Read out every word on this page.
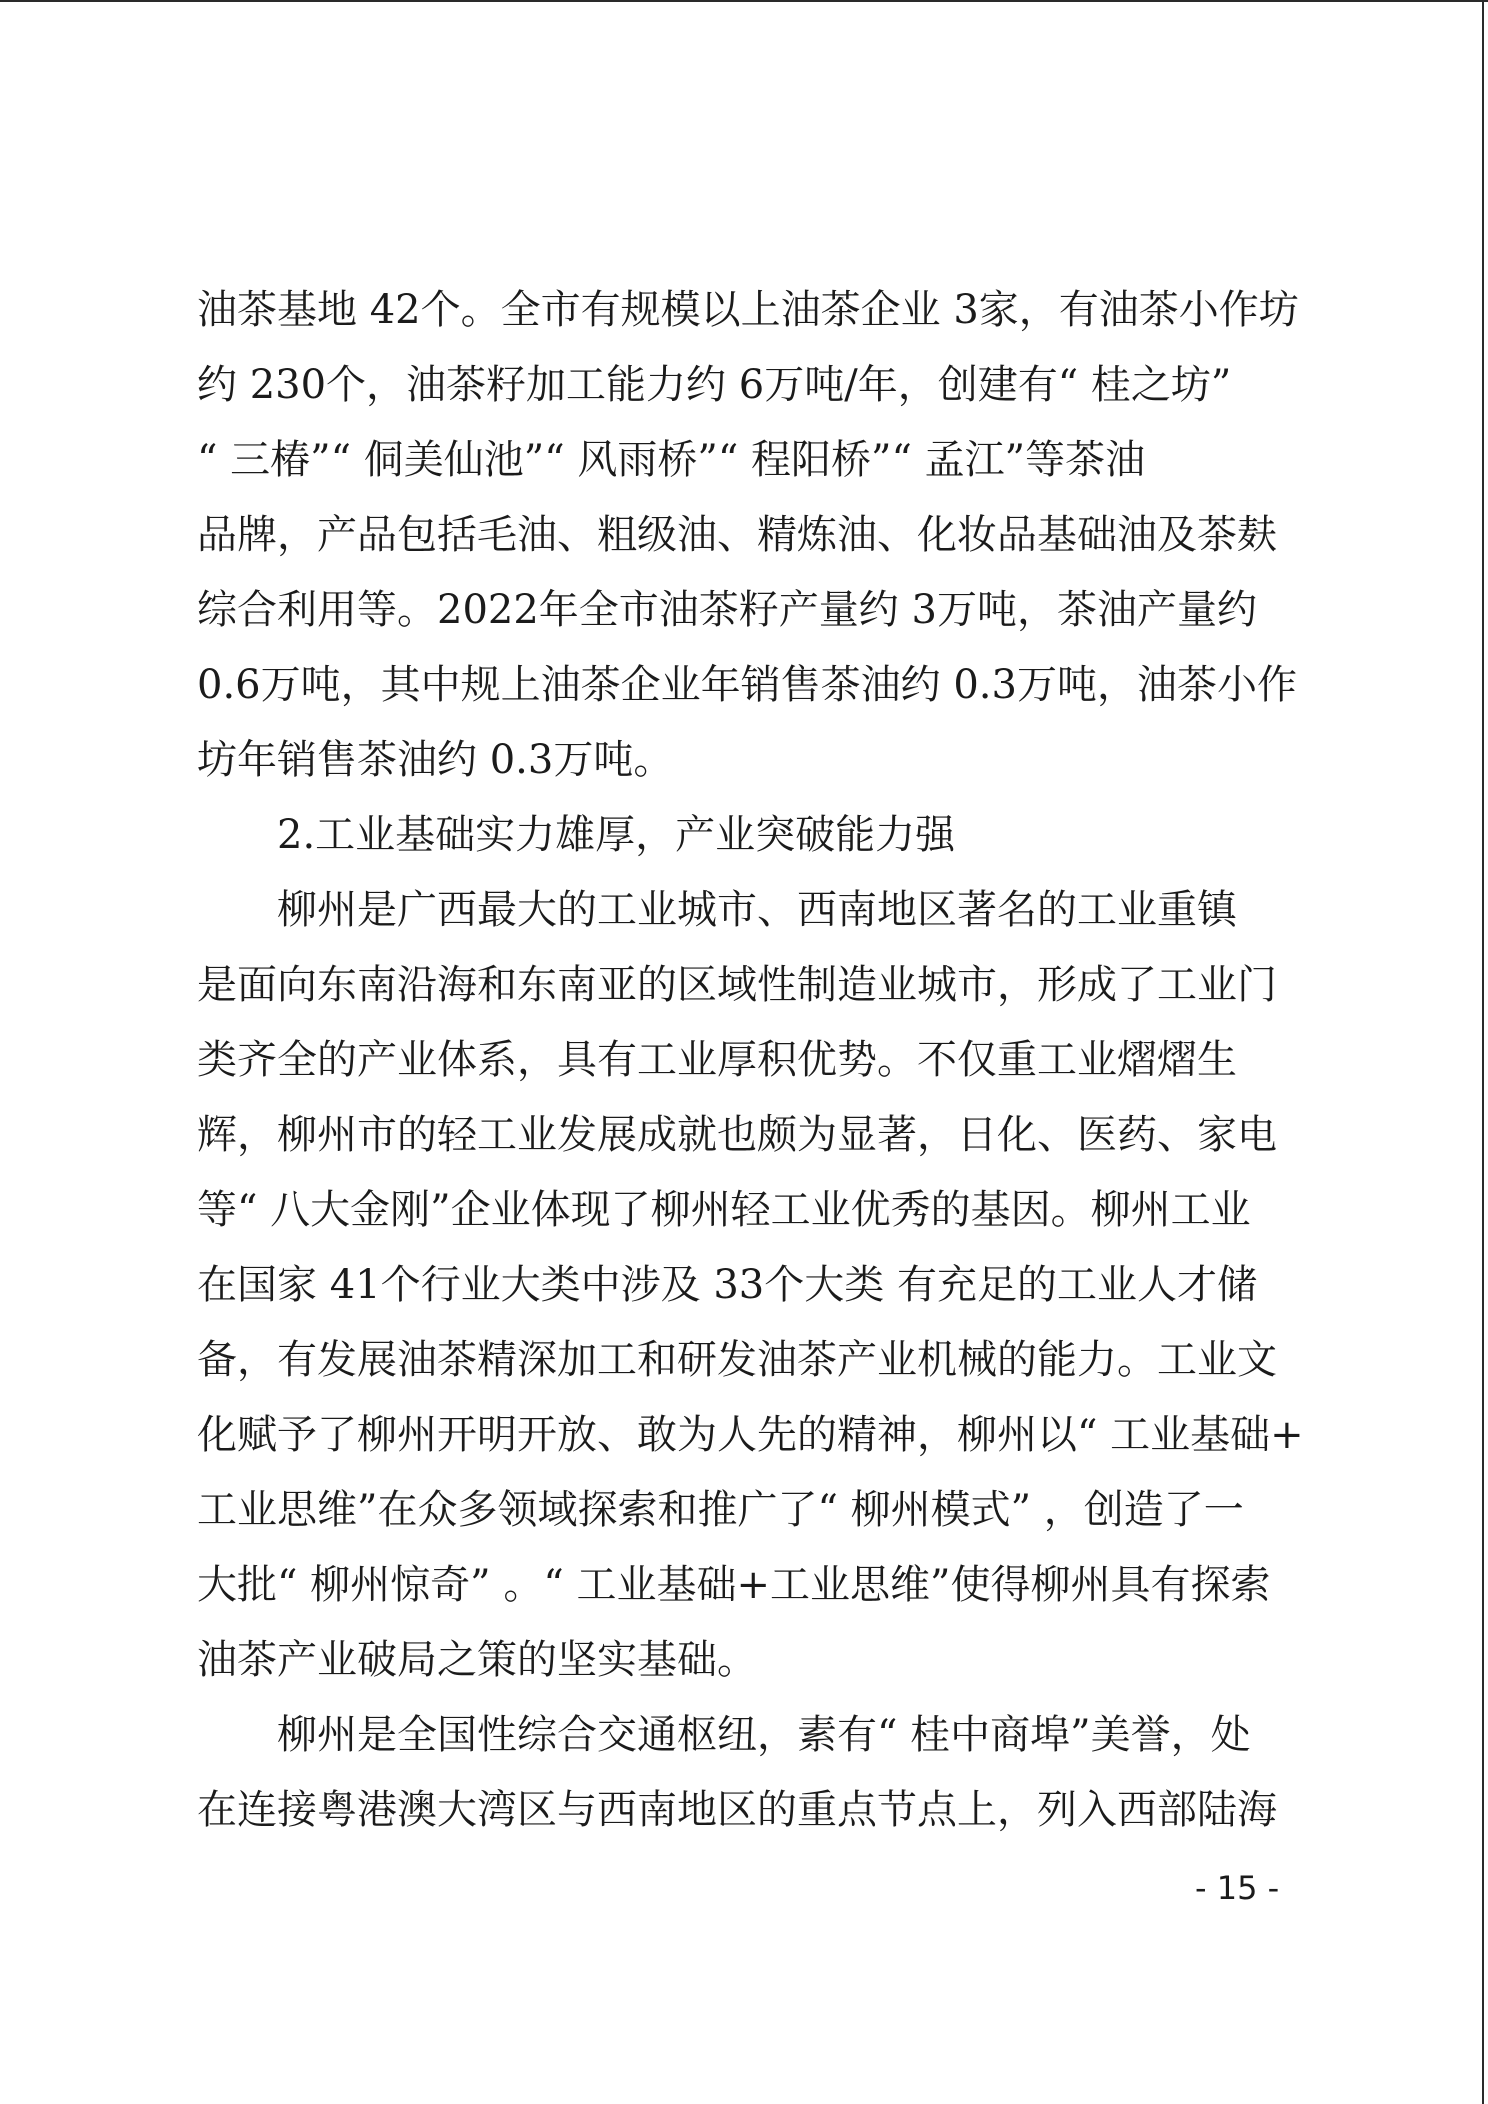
油茶基地 42个。全市有规模以上油茶企业 3家，有油茶小作坊
约 230个，油茶籽加工能力约 6万吨/年，创建有“ 桂之坊”
“ 三椿”“ 侗美仙池”“ 风雨桥”“ 程阳桥”“ 孟江”等茶油
品牌，产品包括毛油、粗级油、精炼油、化妆品基础油及茶麸
综合利用等。2022年全市油茶籽产量约 3万吨，茶油产量约
0.6万吨，其中规上油茶企业年销售茶油约 0.3万吨，油茶小作
坊年销售茶油约 0.3万吨。
2.工业基础实力雄厚，产业突破能力强
柳州是广西最大的工业城市、西南地区著名的工业重镇
是面向东南沿海和东南亚的区域性制造业城市，形成了工业门
类齐全的产业体系，具有工业厚积优势。不仅重工业熠熠生
辉，柳州市的轻工业发展成就也颇为显著，日化、医药、家电
等“ 八大金刚”企业体现了柳州轻工业优秀的基因。柳州工业
在国家 41个行业大类中涉及 33个大类 有充足的工业人才储
备，有发展油茶精深加工和研发油茶产业机械的能力。工业文
化赋予了柳州开明开放、敢为人先的精神，柳州以“ 工业基础+
工业思维”在众多领域探索和推广了“ 柳州模式” ，创造了一
大批“ 柳州惊奇” 。“ 工业基础+工业思维”使得柳州具有探索
油茶产业破局之策的坚实基础。
柳州是全国性综合交通枢纽，素有“ 桂中商埠”美誉，处
在连接粤港澳大湾区与西南地区的重点节点上，列入西部陆海
- 15 -
